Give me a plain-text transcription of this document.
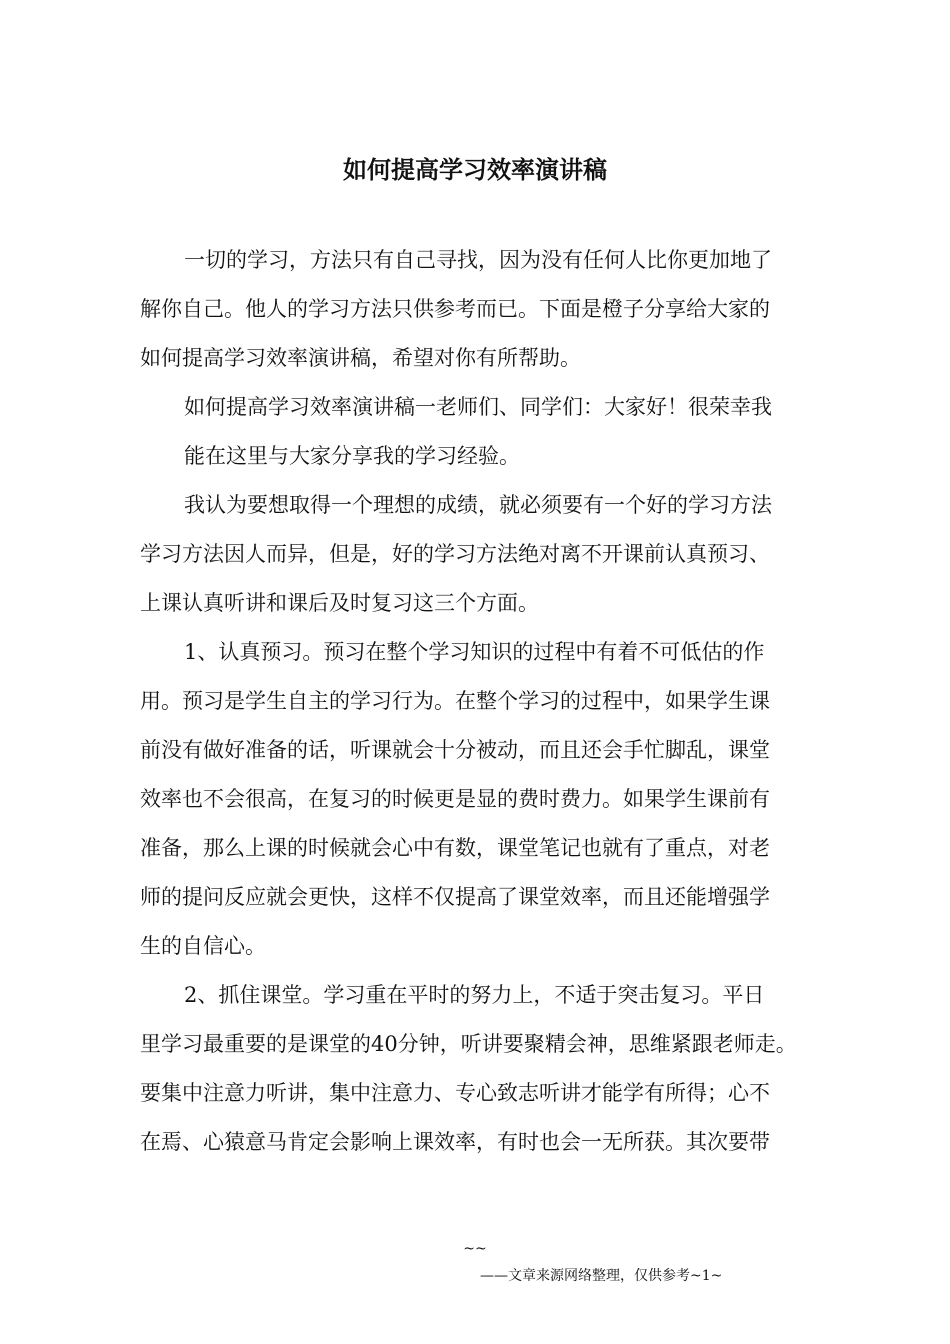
如何提高学习效率演讲稿
一切的学习，方法只有自己寻找，因为没有任何人比你更加地了
解你自己。他人的学习方法只供参考而已。下面是橙子分享给大家的
如何提高学习效率演讲稿，希望对你有所帮助。
如何提高学习效率演讲稿一老师们、同学们：大家好！很荣幸我
能在这里与大家分享我的学习经验。
我认为要想取得一个理想的成绩，就必须要有一个好的学习方法
学习方法因人而异，但是，好的学习方法绝对离不开课前认真预习、
上课认真听讲和课后及时复习这三个方面。
1、认真预习。预习在整个学习知识的过程中有着不可低估的作
用。预习是学生自主的学习行为。在整个学习的过程中，如果学生课
前没有做好准备的话，听课就会十分被动，而且还会手忙脚乱，课堂
效率也不会很高，在复习的时候更是显的费时费力。如果学生课前有
准备，那么上课的时候就会心中有数，课堂笔记也就有了重点，对老
师的提问反应就会更快，这样不仅提高了课堂效率，而且还能增强学
生的自信心。
2、抓住课堂。学习重在平时的努力上，不适于突击复习。平日
里学习最重要的是课堂的40分钟，听讲要聚精会神，思维紧跟老师走。
要集中注意力听讲，集中注意力、专心致志听讲才能学有所得；心不
在焉、心猿意马肯定会影响上课效率，有时也会一无所获。其次要带
~~
——文章来源网络整理，仅供参考~1~
